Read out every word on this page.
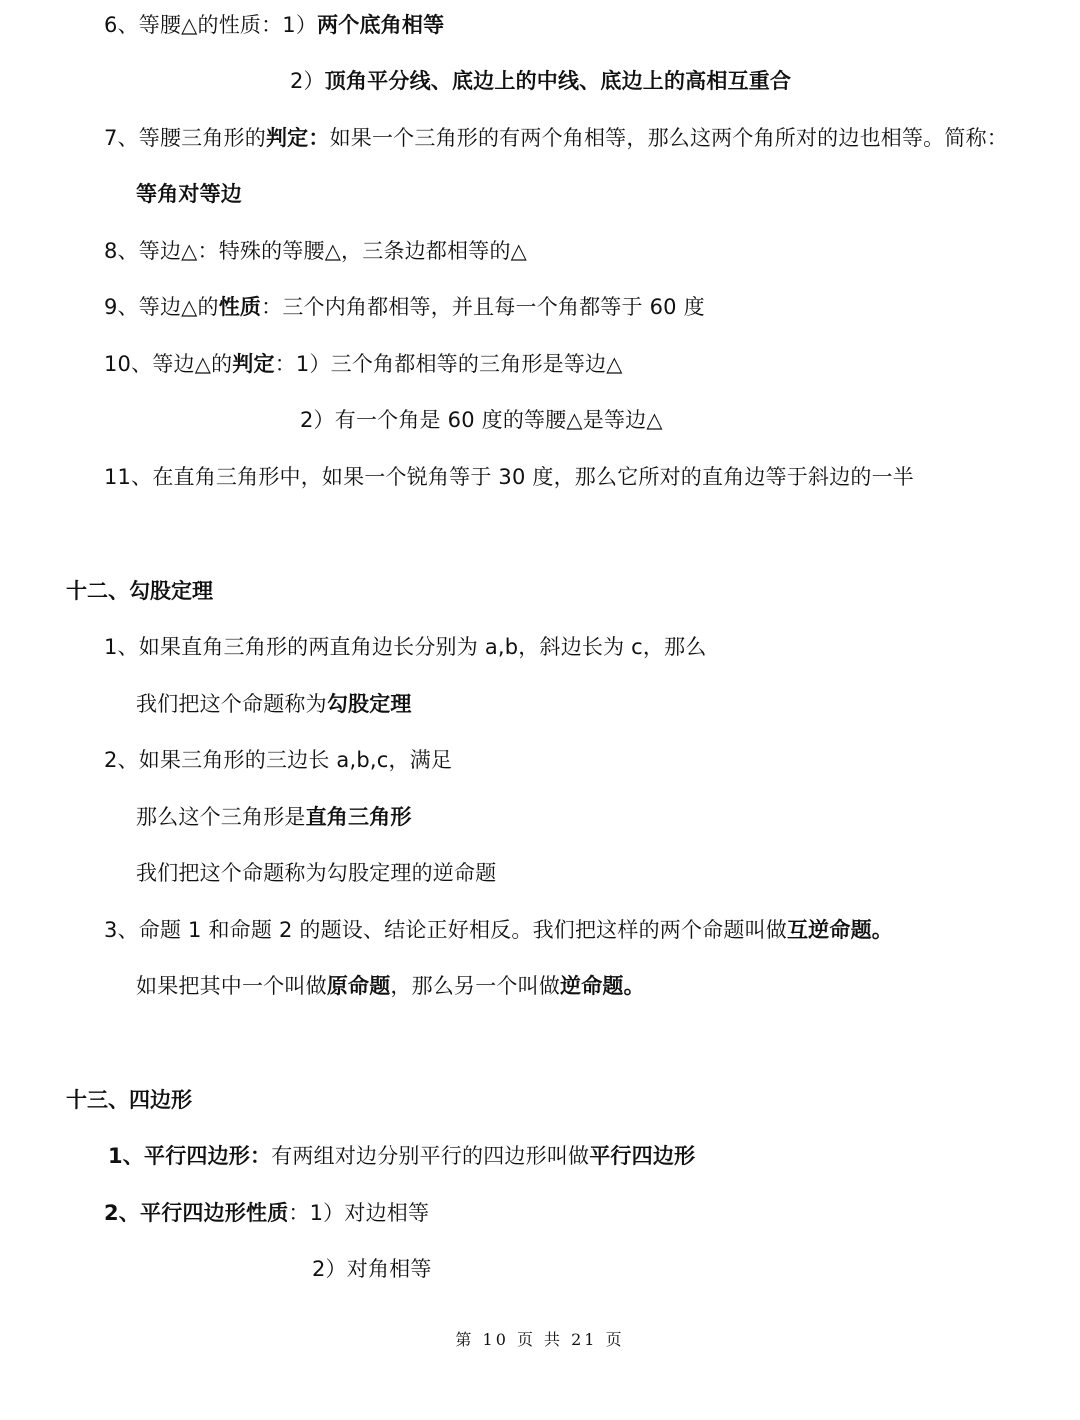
6、等腰△的性质：1）两个底角相等
2）顶角平分线、底边上的中线、底边上的高相互重合
7、等腰三角形的判定：如果一个三角形的有两个角相等，那么这两个角所对的边也相等。简称：
等角对等边
8、等边△：特殊的等腰△，三条边都相等的△
9、等边△的性质：三个内角都相等，并且每一个角都等于 60 度
10、等边△的判定：1）三个角都相等的三角形是等边△
2）有一个角是 60 度的等腰△是等边△
11、在直角三角形中，如果一个锐角等于 30 度，那么它所对的直角边等于斜边的一半
十二、勾股定理
1、如果直角三角形的两直角边长分别为 a,b，斜边长为 c，那么
我们把这个命题称为勾股定理
2、如果三角形的三边长 a,b,c，满足
那么这个三角形是直角三角形
我们把这个命题称为勾股定理的逆命题
3、命题 1 和命题 2 的题设、结论正好相反。我们把这样的两个命题叫做互逆命题。
如果把其中一个叫做原命题，那么另一个叫做逆命题。
十三、四边形
1、平行四边形：有两组对边分别平行的四边形叫做平行四边形
2、平行四边形性质：1）对边相等
2）对角相等
第 10 页 共 21 页
